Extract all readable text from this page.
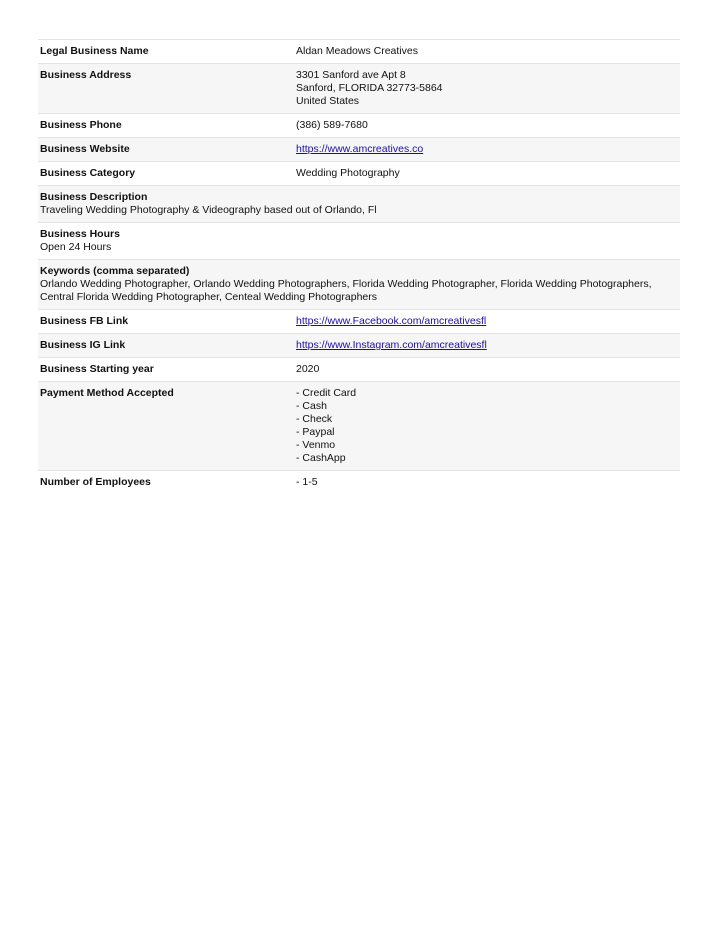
Legal Business Name	Aldan Meadows Creatives
Business Address	3301 Sanford ave Apt 8
Sanford, FLORIDA 32773-5864
United States
Business Phone	(386) 589-7680
Business Website	https://www.amcreatives.co
Business Category	Wedding Photography
Business Description
Traveling Wedding Photography & Videography based out of Orlando, Fl
Business Hours
Open 24 Hours
Keywords (comma separated)
Orlando Wedding Photographer, Orlando Wedding Photographers, Florida Wedding Photographer, Florida Wedding Photographers, Central Florida Wedding Photographer, Centeal Wedding Photographers
Business FB Link	https://www.Facebook.com/amcreativesfl
Business IG Link	https://www.Instagram.com/amcreativesfl
Business Starting year	2020
Payment Method Accepted	- Credit Card
- Cash
- Check
- Paypal
- Venmo
- CashApp
Number of Employees	- 1-5
